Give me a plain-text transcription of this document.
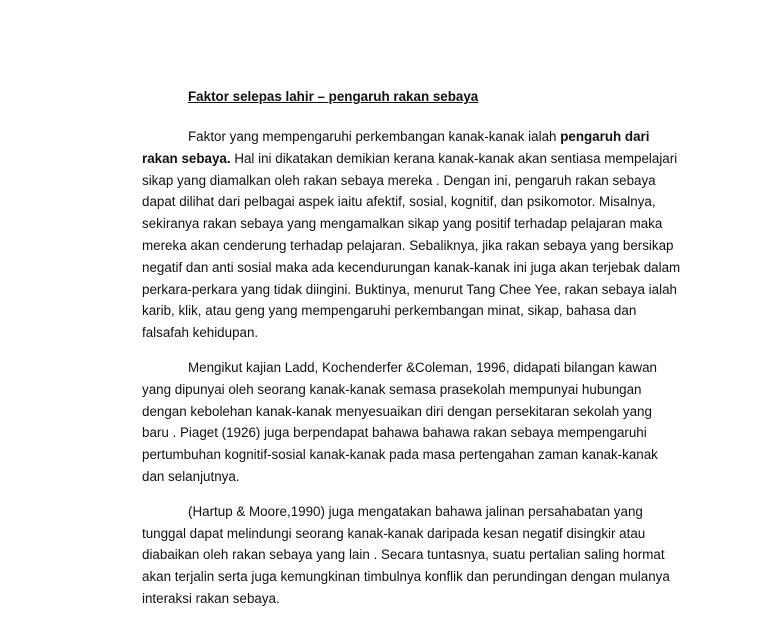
Faktor selepas lahir – pengaruh rakan sebaya

Faktor yang mempengaruhi perkembangan kanak-kanak ialah pengaruh dari rakan sebaya. Hal ini dikatakan demikian kerana kanak-kanak akan sentiasa mempelajari sikap yang diamalkan oleh rakan sebaya mereka . Dengan ini, pengaruh rakan sebaya dapat dilihat dari pelbagai aspek iaitu afektif, sosial, kognitif, dan psikomotor. Misalnya, sekiranya rakan sebaya yang mengamalkan sikap yang positif terhadap pelajaran maka mereka akan cenderung terhadap pelajaran. Sebaliknya, jika rakan sebaya yang bersikap negatif dan anti sosial maka ada kecendurungan kanak-kanak ini juga akan terjebak dalam perkara-perkara yang tidak diingini. Buktinya, menurut Tang Chee Yee, rakan sebaya ialah karib, klik, atau geng yang mempengaruhi perkembangan minat, sikap, bahasa dan falsafah kehidupan.

Mengikut kajian Ladd, Kochenderfer &Coleman, 1996, didapati bilangan kawan yang dipunyai oleh seorang kanak-kanak semasa prasekolah mempunyai hubungan dengan kebolehan kanak-kanak menyesuaikan diri dengan persekitaran sekolah yang baru . Piaget (1926) juga berpendapat bahawa bahawa rakan sebaya mempengaruhi pertumbuhan kognitif-sosial kanak-kanak pada masa pertengahan zaman kanak-kanak dan selanjutnya.

(Hartup & Moore,1990) juga mengatakan bahawa jalinan persahabatan yang tunggal dapat melindungi seorang kanak-kanak daripada kesan negatif disingkir atau diabaikan oleh rakan sebaya yang lain . Secara tuntasnya, suatu pertalian saling hormat akan terjalin serta juga kemungkinan timbulnya konflik dan perundingan dengan mulanya interaksi rakan sebaya.
